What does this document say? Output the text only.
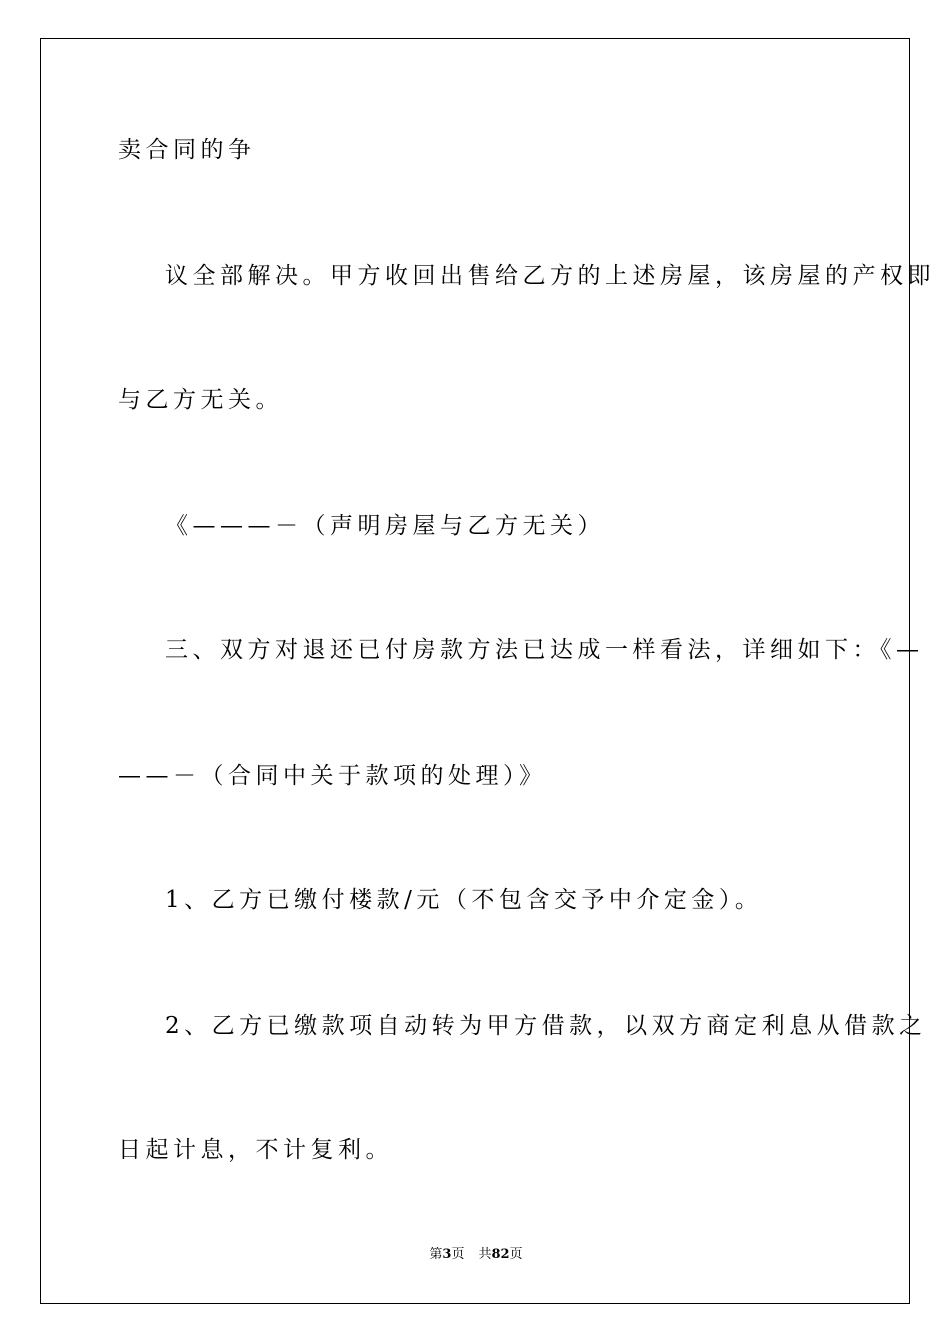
卖合同的争
议全部解决。甲方收回出售给乙方的上述房屋，该房屋的产权即
与乙方无关。
《———－（声明房屋与乙方无关）
三、双方对退还已付房款方法已达成一样看法，详细如下：《—
——－（合同中关于款项的处理）》
1、乙方已缴付楼款/元（不包含交予中介定金）。
2、乙方已缴款项自动转为甲方借款，以双方商定利息从借款之
日起计息，不计复利。
第3页 共82页
